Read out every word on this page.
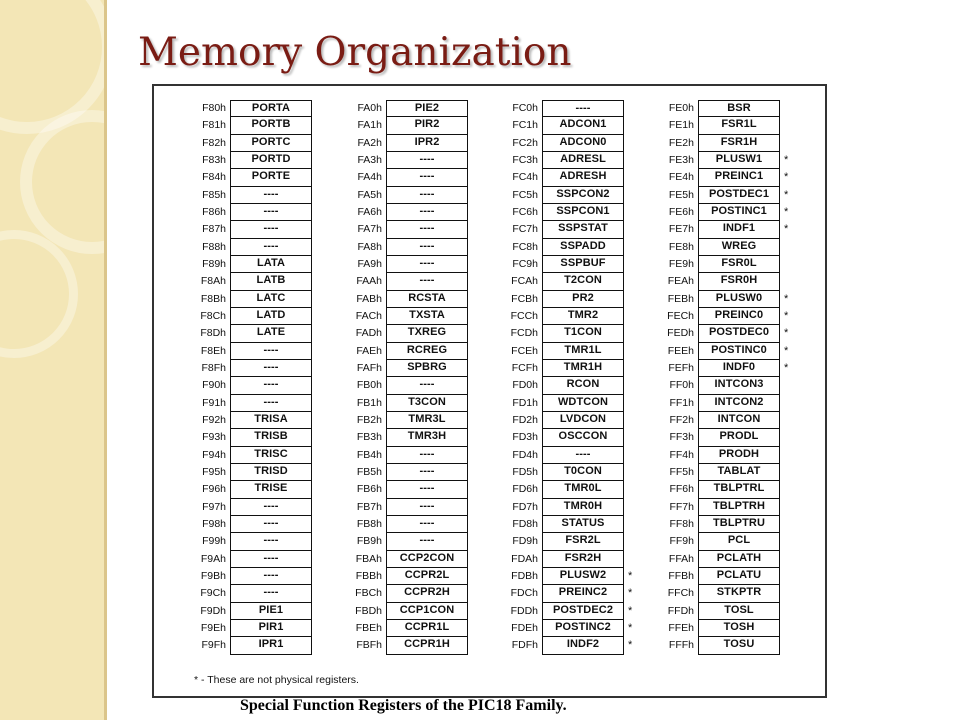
Memory Organization
F80h	PORTA
F81h	PORTB
F82h	PORTC
F83h	PORTD
F84h	PORTE
F85h	----
F86h	----
F87h	----
F88h	----
F89h	LATA
F8Ah	LATB
F8Bh	LATC
F8Ch	LATD
F8Dh	LATE
F8Eh	----
F8Fh	----
F90h	----
F91h	----
F92h	TRISA
F93h	TRISB
F94h	TRISC
F95h	TRISD
F96h	TRISE
F97h	----
F98h	----
F99h	----
F9Ah	----
F9Bh	----
F9Ch	----
F9Dh	PIE1
F9Eh	PIR1
F9Fh	IPR1
FA0h	PIE2
FA1h	PIR2
FA2h	IPR2
FA3h	----
FA4h	----
FA5h	----
FA6h	----
FA7h	----
FA8h	----
FA9h	----
FAAh	----
FABh	RCSTA
FACh	TXSTA
FADh	TXREG
FAEh	RCREG
FAFh	SPBRG
FB0h	----
FB1h	T3CON
FB2h	TMR3L
FB3h	TMR3H
FB4h	----
FB5h	----
FB6h	----
FB7h	----
FB8h	----
FB9h	----
FBAh	CCP2CON
FBBh	CCPR2L
FBCh	CCPR2H
FBDh	CCP1CON
FBEh	CCPR1L
FBFh	CCPR1H
FC0h	----
FC1h	ADCON1
FC2h	ADCON0
FC3h	ADRESL
FC4h	ADRESH
FC5h	SSPCON2
FC6h	SSPCON1
FC7h	SSPSTAT
FC8h	SSPADD
FC9h	SSPBUF
FCAh	T2CON
FCBh	PR2
FCCh	TMR2
FCDh	T1CON
FCEh	TMR1L
FCFh	TMR1H
FD0h	RCON
FD1h	WDTCON
FD2h	LVDCON
FD3h	OSCCON
FD4h	----
FD5h	T0CON
FD6h	TMR0L
FD7h	TMR0H
FD8h	STATUS
FD9h	FSR2L
FDAh	FSR2H
FDBh	PLUSW2	*
FDCh	PREINC2	*
FDDh	POSTDEC2	*
FDEh	POSTINC2	*
FDFh	INDF2	*
FE0h	BSR
FE1h	FSR1L
FE2h	FSR1H
FE3h	PLUSW1	*
FE4h	PREINC1	*
FE5h	POSTDEC1	*
FE6h	POSTINC1	*
FE7h	INDF1	*
FE8h	WREG
FE9h	FSR0L
FEAh	FSR0H
FEBh	PLUSW0	*
FECh	PREINC0	*
FEDh	POSTDEC0	*
FEEh	POSTINC0	*
FEFh	INDF0	*
FF0h	INTCON3
FF1h	INTCON2
FF2h	INTCON
FF3h	PRODL
FF4h	PRODH
FF5h	TABLAT
FF6h	TBLPTRL
FF7h	TBLPTRH
FF8h	TBLPTRU
FF9h	PCL
FFAh	PCLATH
FFBh	PCLATU
FFCh	STKPTR
FFDh	TOSL
FFEh	TOSH
FFFh	TOSU
* - These are not physical registers.
Special Function Registers of the PIC18 Family.
